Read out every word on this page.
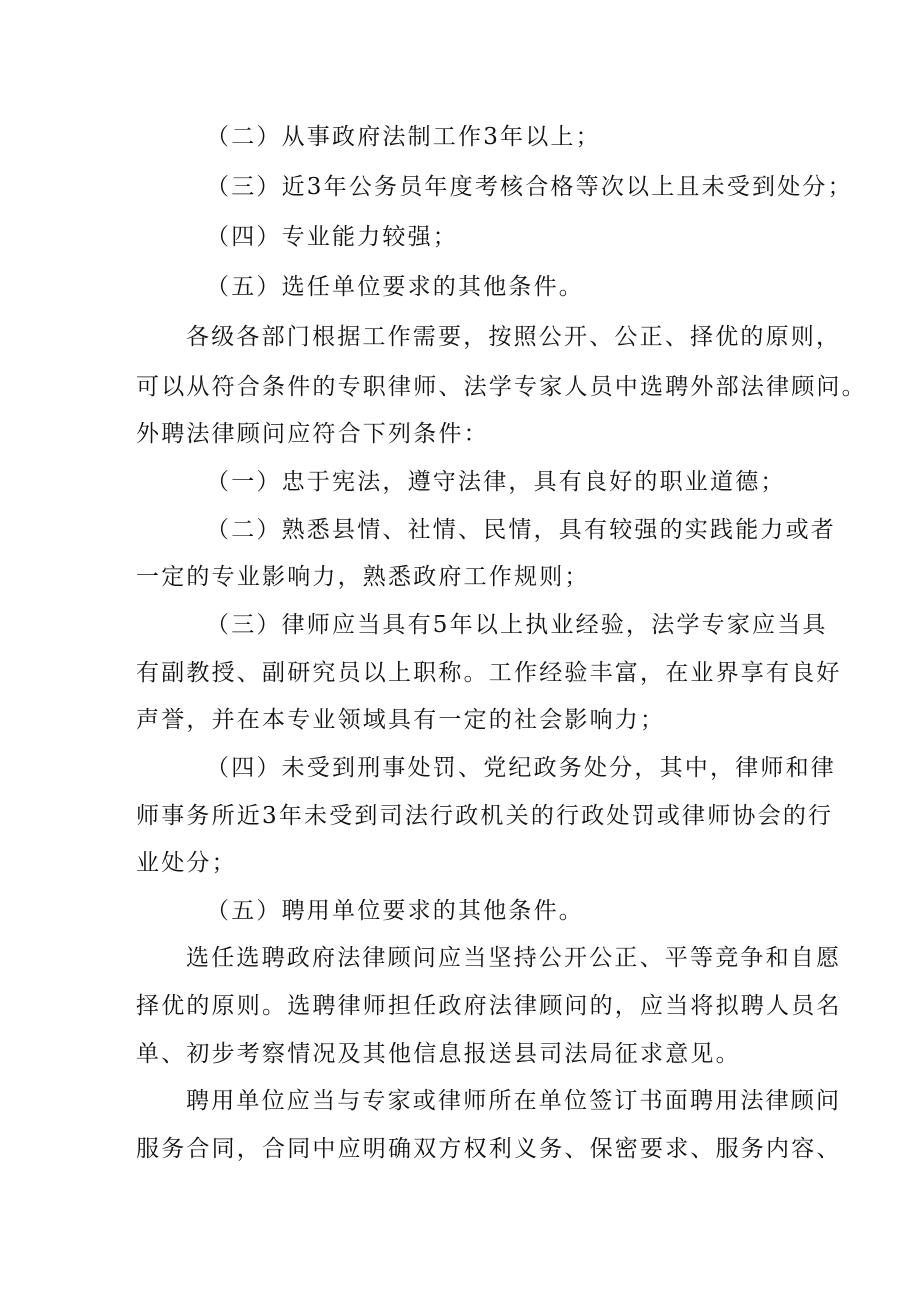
（二）从事政府法制工作3年以上；
（三）近3年公务员年度考核合格等次以上且未受到处分；
（四）专业能力较强；
（五）选任单位要求的其他条件。
各级各部门根据工作需要，按照公开、公正、择优的原则，
可以从符合条件的专职律师、法学专家人员中选聘外部法律顾问。
外聘法律顾问应符合下列条件：
（一）忠于宪法，遵守法律，具有良好的职业道德；
（二）熟悉县情、社情、民情，具有较强的实践能力或者
一定的专业影响力，熟悉政府工作规则；
（三）律师应当具有5年以上执业经验，法学专家应当具
有副教授、副研究员以上职称。工作经验丰富，在业界享有良好
声誉，并在本专业领域具有一定的社会影响力；
（四）未受到刑事处罚、党纪政务处分，其中，律师和律
师事务所近3年未受到司法行政机关的行政处罚或律师协会的行
业处分；
（五）聘用单位要求的其他条件。
选任选聘政府法律顾问应当坚持公开公正、平等竞争和自愿
择优的原则。选聘律师担任政府法律顾问的，应当将拟聘人员名
单、初步考察情况及其他信息报送县司法局征求意见。
聘用单位应当与专家或律师所在单位签订书面聘用法律顾问
服务合同，合同中应明确双方权利义务、保密要求、服务内容、
